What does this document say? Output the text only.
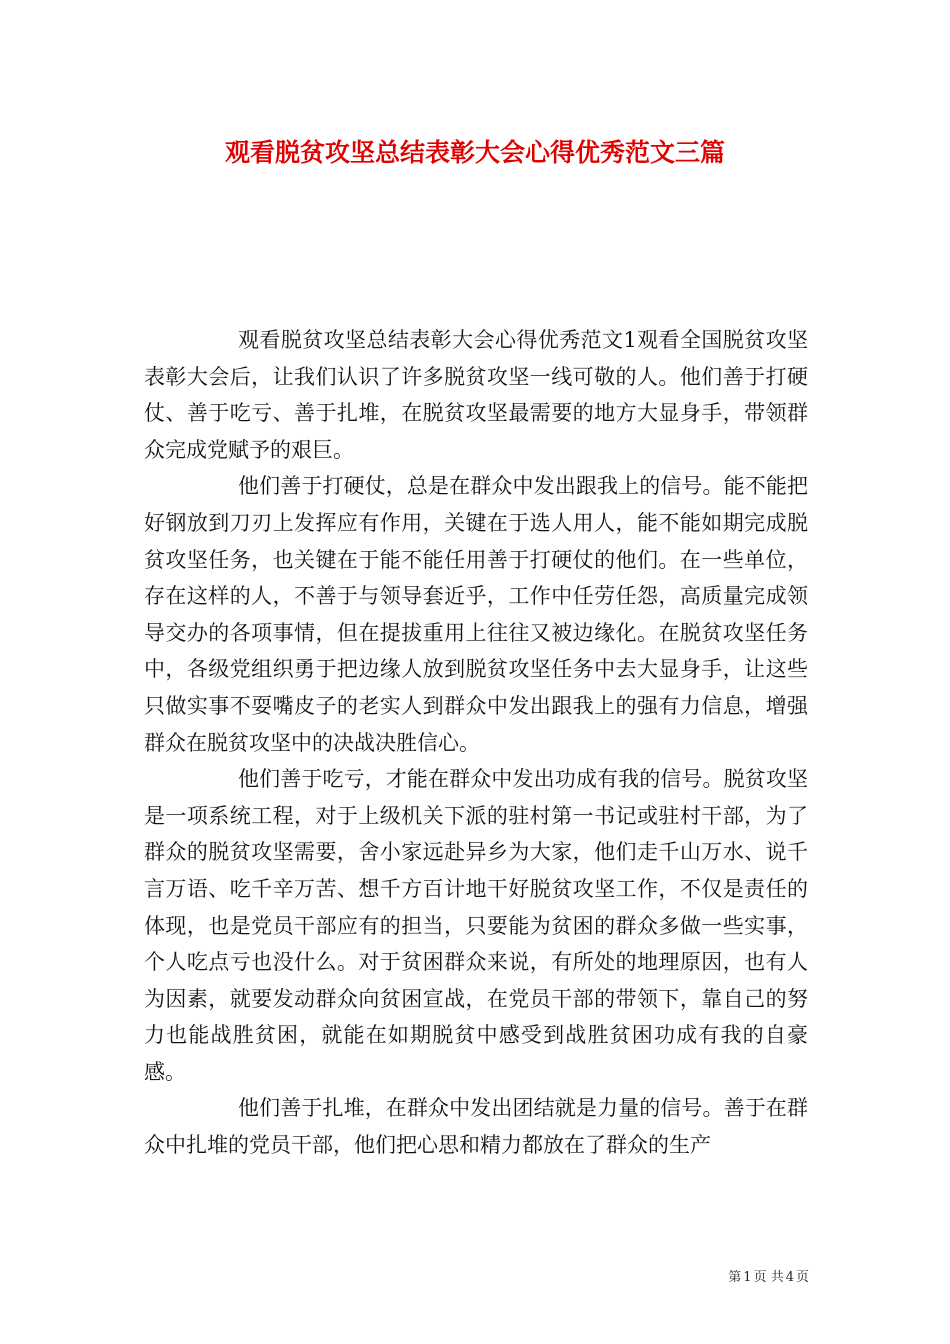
观看脱贫攻坚总结表彰大会心得优秀范文三篇

观看脱贫攻坚总结表彰大会心得优秀范文1观看全国脱贫攻坚表彰大会后，让我们认识了许多脱贫攻坚一线可敬的人。他们善于打硬仗、善于吃亏、善于扎堆，在脱贫攻坚最需要的地方大显身手，带领群众完成党赋予的艰巨。

他们善于打硬仗，总是在群众中发出跟我上的信号。能不能把好钢放到刀刃上发挥应有作用，关键在于选人用人，能不能如期完成脱贫攻坚任务，也关键在于能不能任用善于打硬仗的他们。在一些单位，存在这样的人，不善于与领导套近乎，工作中任劳任怨，高质量完成领导交办的各项事情，但在提拔重用上往往又被边缘化。在脱贫攻坚任务中，各级党组织勇于把边缘人放到脱贫攻坚任务中去大显身手，让这些只做实事不耍嘴皮子的老实人到群众中发出跟我上的强有力信息，增强群众在脱贫攻坚中的决战决胜信心。

他们善于吃亏，才能在群众中发出功成有我的信号。脱贫攻坚是一项系统工程，对于上级机关下派的驻村第一书记或驻村干部，为了群众的脱贫攻坚需要，舍小家远赴异乡为大家，他们走千山万水、说千言万语、吃千辛万苦、想千方百计地干好脱贫攻坚工作，不仅是责任的体现，也是党员干部应有的担当，只要能为贫困的群众多做一些实事，个人吃点亏也没什么。对于贫困群众来说，有所处的地理原因，也有人为因素，就要发动群众向贫困宣战，在党员干部的带领下，靠自己的努力也能战胜贫困，就能在如期脱贫中感受到战胜贫困功成有我的自豪感。

他们善于扎堆，在群众中发出团结就是力量的信号。善于在群众中扎堆的党员干部，他们把心思和精力都放在了群众的生产

第 1 页 共 4 页
